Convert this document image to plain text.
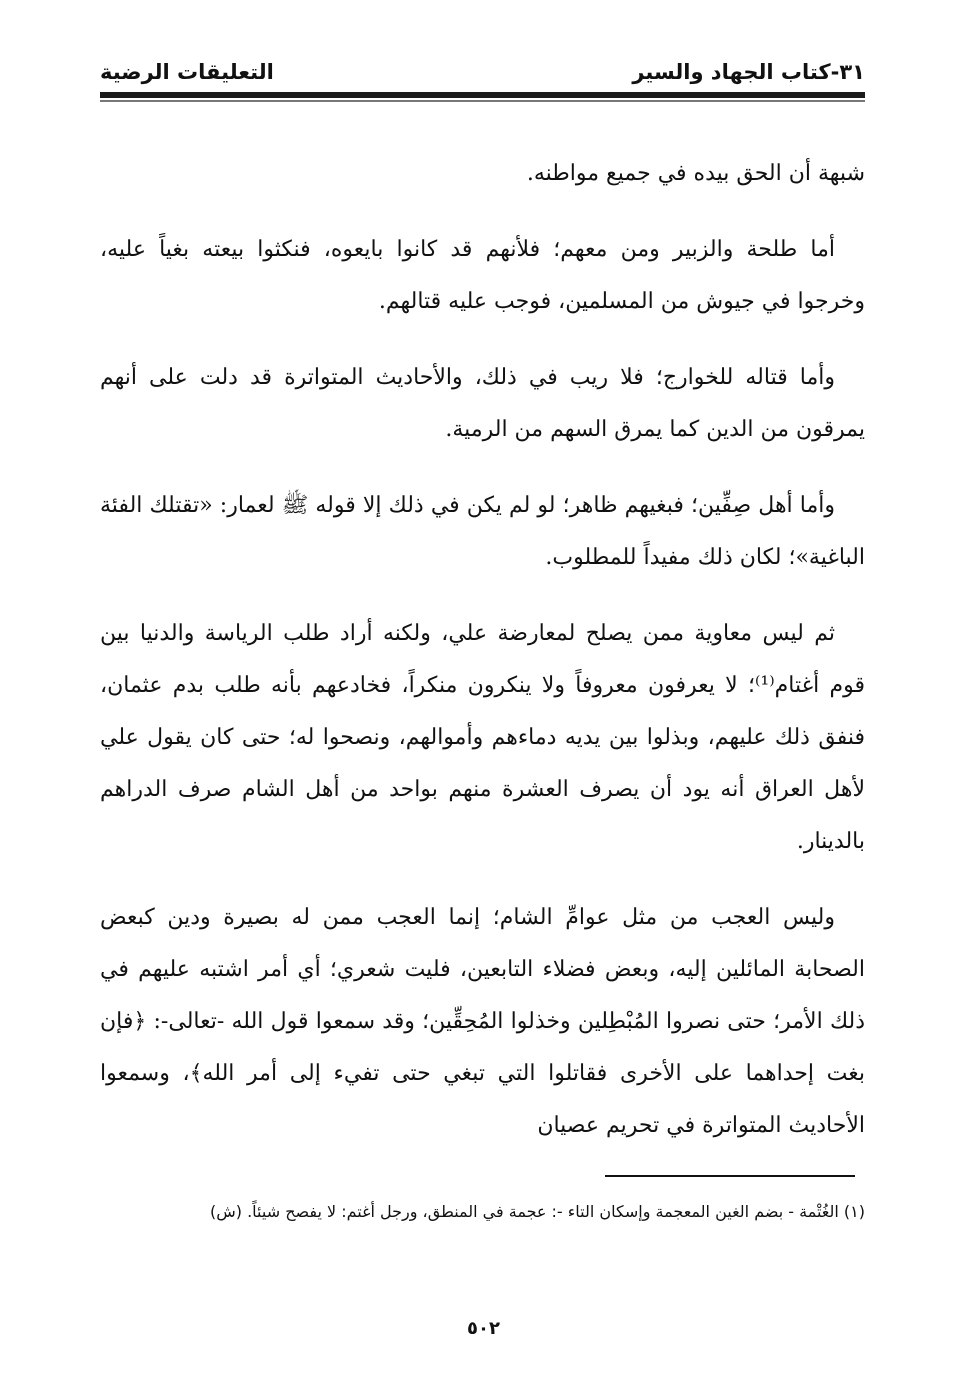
٣١-كتاب الجهاد والسير
التعليقات الرضية

شبهة أن الحق بيده في جميع مواطنه.

أما طلحة والزبير ومن معهم؛ فلأنهم قد كانوا بايعوه، فنكثوا بيعته بغياً عليه، وخرجوا في جيوش من المسلمين، فوجب عليه قتالهم.

وأما قتاله للخوارج؛ فلا ريب في ذلك، والأحاديث المتواترة قد دلت على أنهم يمرقون من الدين كما يمرق السهم من الرمية.

وأما أهل صِفِّين؛ فبغيهم ظاهر؛ لو لم يكن في ذلك إلا قوله ﷺ لعمار: «تقتلك الفئة الباغية»؛ لكان ذلك مفيداً للمطلوب.

ثم ليس معاوية ممن يصلح لمعارضة علي، ولكنه أراد طلب الرياسة والدنيا بين قوم أغتام⁽¹⁾؛ لا يعرفون معروفاً ولا ينكرون منكراً، فخادعهم بأنه طلب بدم عثمان، فنفق ذلك عليهم، وبذلوا بين يديه دماءهم وأموالهم، ونصحوا له؛ حتى كان يقول علي لأهل العراق أنه يود أن يصرف العشرة منهم بواحد من أهل الشام صرف الدراهم بالدينار.

وليس العجب من مثل عوامِّ الشام؛ إنما العجب ممن له بصيرة ودين كبعض الصحابة المائلين إليه، وبعض فضلاء التابعين، فليت شعري؛ أي أمر اشتبه عليهم في ذلك الأمر؛ حتى نصروا المُبْطِلين وخذلوا المُحِقِّين؛ وقد سمعوا قول الله -تعالى-: ﴿فإن بغت إحداهما على الأخرى فقاتلوا التي تبغي حتى تفيء إلى أمر الله﴾، وسمعوا الأحاديث المتواترة في تحريم عصيان

(١) الغُتْمة - بضم الغين المعجمة وإسكان التاء -: عجمة في المنطق، ورجل أغتم: لا يفصح شيئاً. (ش)
٥٠٢
